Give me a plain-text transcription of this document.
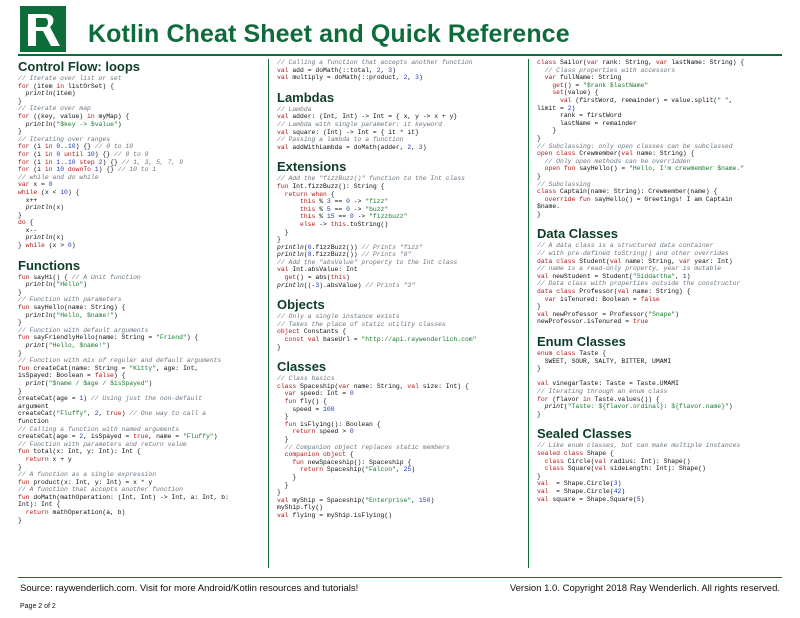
Kotlin Cheat Sheet and Quick Reference
Control Flow: loops
// Iterate over list or set
for (item in listOrSet) {
println(item)
}
// Iterate over map
for ((key, value) in myMap) {
println("$key -> $value")
}
// Iterating over ranges
for (i in 0..10) {} // 0 to 10
for (i in 0 until 10) {} // 0 to 9
for (i in 1..10 step 2) {} // 1, 3, 5, 7, 9
for (i in 10 downTo 1) {} // 10 to 1
// while and do while
var x = 0
while (x < 10) {
x++
println(x)
}
do {
x--
println(x)
} while (x > 0)
Functions
fun sayHi() { // A Unit function
println("Hello")
}
// Function with parameters
fun sayHello(name: String) {
println("Hello, $name!")
}
// Function with default arguments
fun sayFriendlyHello(name: String = "Friend") {
print("Hello, $name!")
}
// Function with mix of regular and default arguments
fun createCat(name: String = "Kitty", age: Int,
isSpayed: Boolean = false) {
print("$name / $age / $isSpayed")
}
createCat(age = 1) // Using just the non-default
argument
createCat("Fluffy", 2, true) // One way to call a
function
// Calling a function with named arguments
createCat(age = 2, isSpayed = true, name = "Fluffy")
// Function with parameters and return value
fun total(x: Int, y: Int): Int {
return x + y
}
// A function as a single expression
fun product(x: Int, y: Int) = x * y
// A function that accepts another function
fun doMath(mathOperation: (Int, Int) -> Int, a: Int, b:
Int): Int {
return mathOperation(a, b)
}
// Calling a function that accepts another function
val add = doMath(::total, 2, 3)
val multiply = doMath(::product, 2, 3)
Lambdas
// Lambda
val adder: (Int, Int) -> Int = { x, y -> x + y}
// Lambda with single parameter: it keyword
val square: (Int) -> Int = { it * it}
// Passing a lambda to a function
val addWithLambda = doMath(adder, 2, 3)
Extensions
// Add the "fizzBuzz()" function to the Int class
fun Int.fizzBuzz(): String {
return when {
this % 3 == 0 -> "fizz"
this % 5 == 0 -> "buzz"
this % 15 == 0 -> "fizzbuzz"
else -> this.toString()
}
}
println(6.fizzBuzz()) // Prints "fizz"
println(8.fizzBuzz()) // Prints "8"
// Add the "absValue" property to the Int class
val Int.absValue: Int
get() = abs(this)
println((-3).absValue) // Prints "3"
Objects
// Only a single instance exists
// Takes the place of static utility classes
object Constants {
const val baseUrl = "http://api.raywenderlich.com"
}
Classes
// Class basics
class Spaceship(var name: String, val size: Int) {
var speed: Int = 0
fun fly() {
speed = 100
}
fun isFlying(): Boolean {
return speed > 0
}
// Companion object replaces static members
companion object {
fun newSpaceship(): Spaceship {
return Spaceship("Falcon", 25)
}
}
}
val myShip = Spaceship("Enterprise", 150)
myShip.fly()
val flying = myShip.isFlying()
class Sailor(var rank: String, var lastName: String) {
// Class properties with accessors
var fullName: String
get() = "$rank $lastName"
set(value) {
val (firstWord, remainder) = value.split(" ",
limit = 2)
rank = firstWord
lastName = remainder
}
}
// Subclassing: only open classes can be subclassed
open class Crewmember(val name: String) {
// Only open methods can be overridden
open fun sayHello() = "Hello, I'm crewmember $name."
}
// Subclassing
class Captain(name: String): Crewmember(name) {
override fun sayHello() = Greetings! I am Captain
$name.
}
Data Classes
// A data class is a structured data container
// with pre-defined toString() and other overrides
data class Student(val name: String, var year: Int)
// name is a read-only property, year is mutable
val newStudent = Student("Siddartha", 1)
// Data class with properties outside the constructor
data class Professor(val name: String) {
var isTenured: Boolean = false
}
val newProfessor = Professor("Snape")
newProfessor.isTenured = true
Enum Classes
enum class Taste {
SWEET, SOUR, SALTY, BITTER, UMAMI
}

val vinegarTaste: Taste = Taste.UMAMI
// Iterating through an enum class
for (flavor in Taste.values()) {
print("Taste: ${flavor.ordinal}: ${flavor.name}")
}
Sealed Classes
// Like enum classes, but can make multiple instances
sealed class Shape {
class Circle(val radius: Int): Shape()
class Square(val sideLength: Int): Shape()
}
val  = Shape.Circle(3)
val  = Shape.Circle(42)
val square = Shape.Square(5)
Source: raywenderlich.com. Visit for more Android/Kotlin resources and tutorials!	Version 1.0. Copyright 2018 Ray Wenderlich. All rights reserved.
Page 2 of 2
